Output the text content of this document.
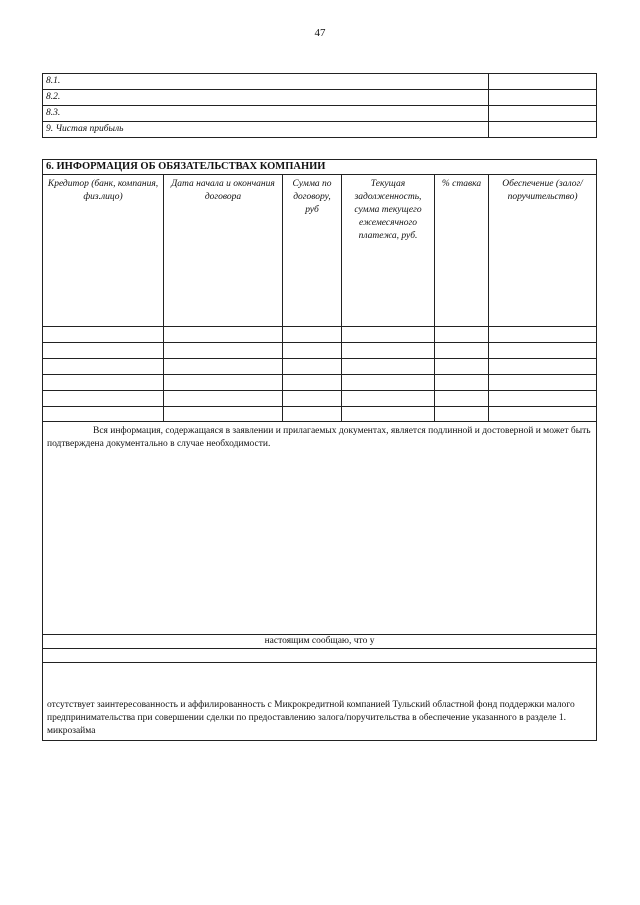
47
8.1.	
8.2.	
8.3.	
9. Чистая прибыль	
6. ИНФОРМАЦИЯ ОБ ОБЯЗАТЕЛЬСТВАХ КОМПАНИИ					
Кредитор (банк, компания, физ.лицо)	Дата начала и окончания договора	Сумма по договору, руб	Текущая задолженность, сумма текущего ежемесячного платежа, руб.	% ставка	Обеспечение (залог/поручительство)

Вся информация, содержащаяся в заявлении и прилагаемых документах, является подлинной и достоверной и может быть подтверждена документально в случае необходимости.					
настоящим сообщаю, что у					

отсутствует заинтересованность и аффилированность с Микрокредитной компанией Тульский областной фонд поддержки малого предпринимательства при совершении сделки по предоставлению залога/поручительства в обеспечение указанного в разделе 1. микрозайма					
